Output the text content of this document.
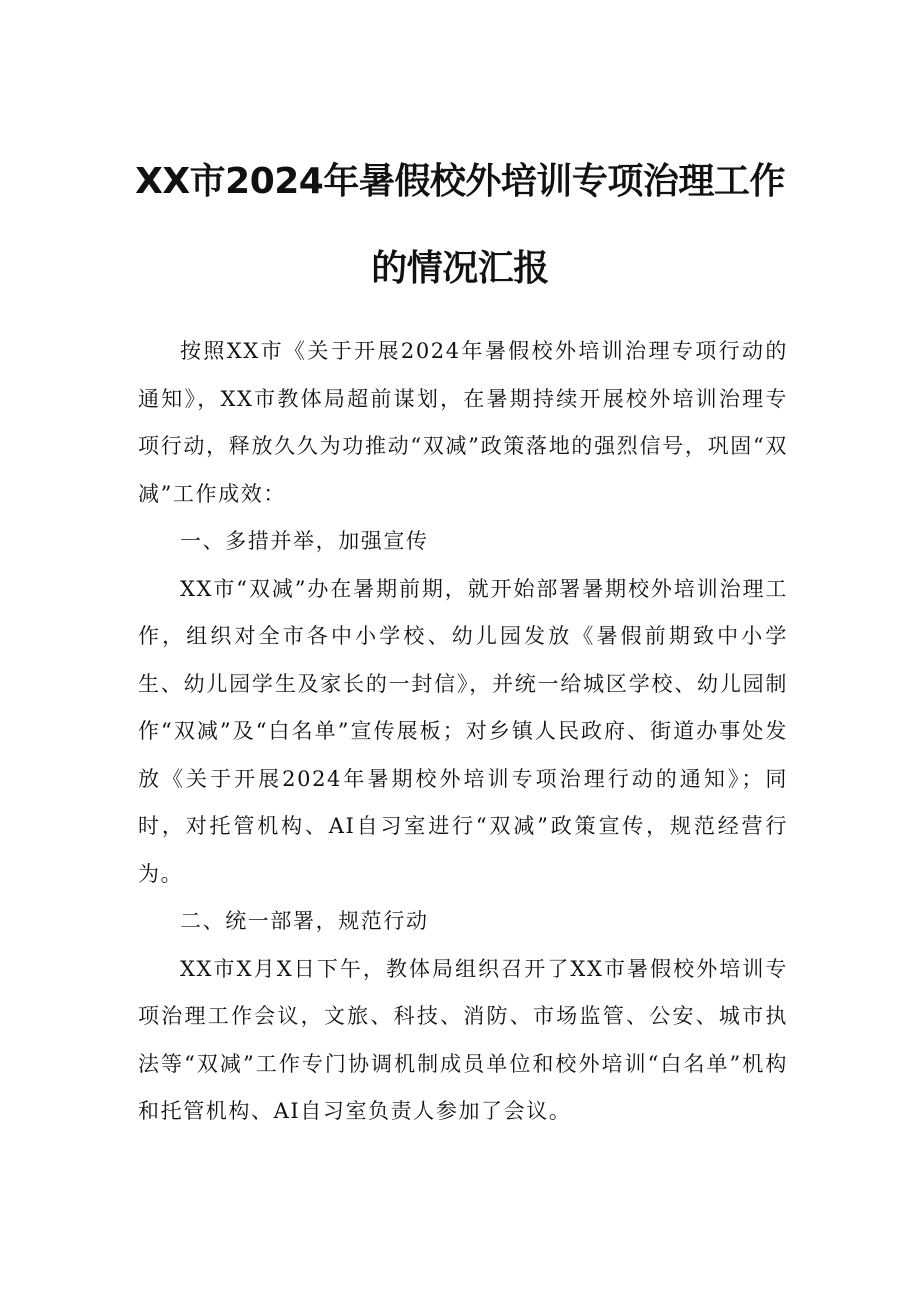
XX市2024年暑假校外培训专项治理工作
的情况汇报

按照XX市《关于开展2024年暑假校外培训治理专项行动的通知》，XX市教体局超前谋划，在暑期持续开展校外培训治理专项行动，释放久久为功推动“双减”政策落地的强烈信号，巩固“双减”工作成效：

一、多措并举，加强宣传

XX市“双减”办在暑期前期，就开始部署暑期校外培训治理工作，组织对全市各中小学校、幼儿园发放《暑假前期致中小学生、幼儿园学生及家长的一封信》，并统一给城区学校、幼儿园制作“双减”及“白名单”宣传展板；对乡镇人民政府、街道办事处发放《关于开展2024年暑期校外培训专项治理行动的通知》；同时，对托管机构、AI自习室进行“双减”政策宣传，规范经营行为。

二、统一部署，规范行动

XX市X月X日下午，教体局组织召开了XX市暑假校外培训专项治理工作会议，文旅、科技、消防、市场监管、公安、城市执法等“双减”工作专门协调机制成员单位和校外培训“白名单”机构和托管机构、AI自习室负责人参加了会议。
